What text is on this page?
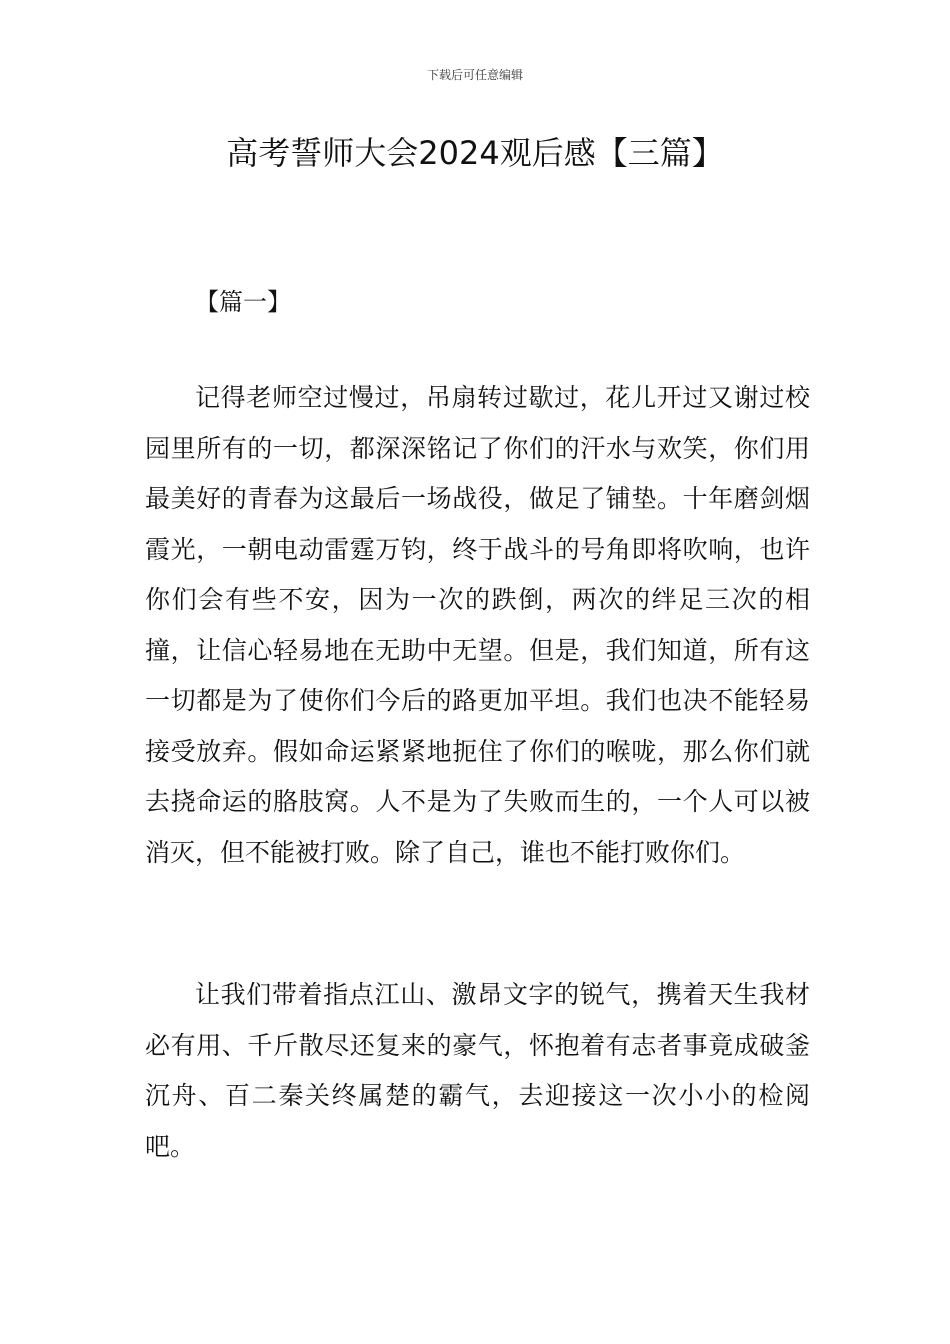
下载后可任意编辑
高考誓师大会2024观后感【三篇】
【篇一】

记得老师空过慢过，吊扇转过歇过，花儿开过又谢过校园里所有的一切，都深深铭记了你们的汗水与欢笑，你们用最美好的青春为这最后一场战役，做足了铺垫。十年磨剑烟霞光，一朝电动雷霆万钧，终于战斗的号角即将吹响，也许你们会有些不安，因为一次的跌倒，两次的绊足三次的相撞，让信心轻易地在无助中无望。但是，我们知道，所有这一切都是为了使你们今后的路更加平坦。我们也决不能轻易接受放弃。假如命运紧紧地扼住了你们的喉咙，那么你们就去挠命运的胳肢窝。人不是为了失败而生的，一个人可以被消灭，但不能被打败。除了自己，谁也不能打败你们。

让我们带着指点江山、激昂文字的锐气，携着天生我材必有用、千斤散尽还复来的豪气，怀抱着有志者事竟成破釜沉舟、百二秦关终属楚的霸气，去迎接这一次小小的检阅吧。
